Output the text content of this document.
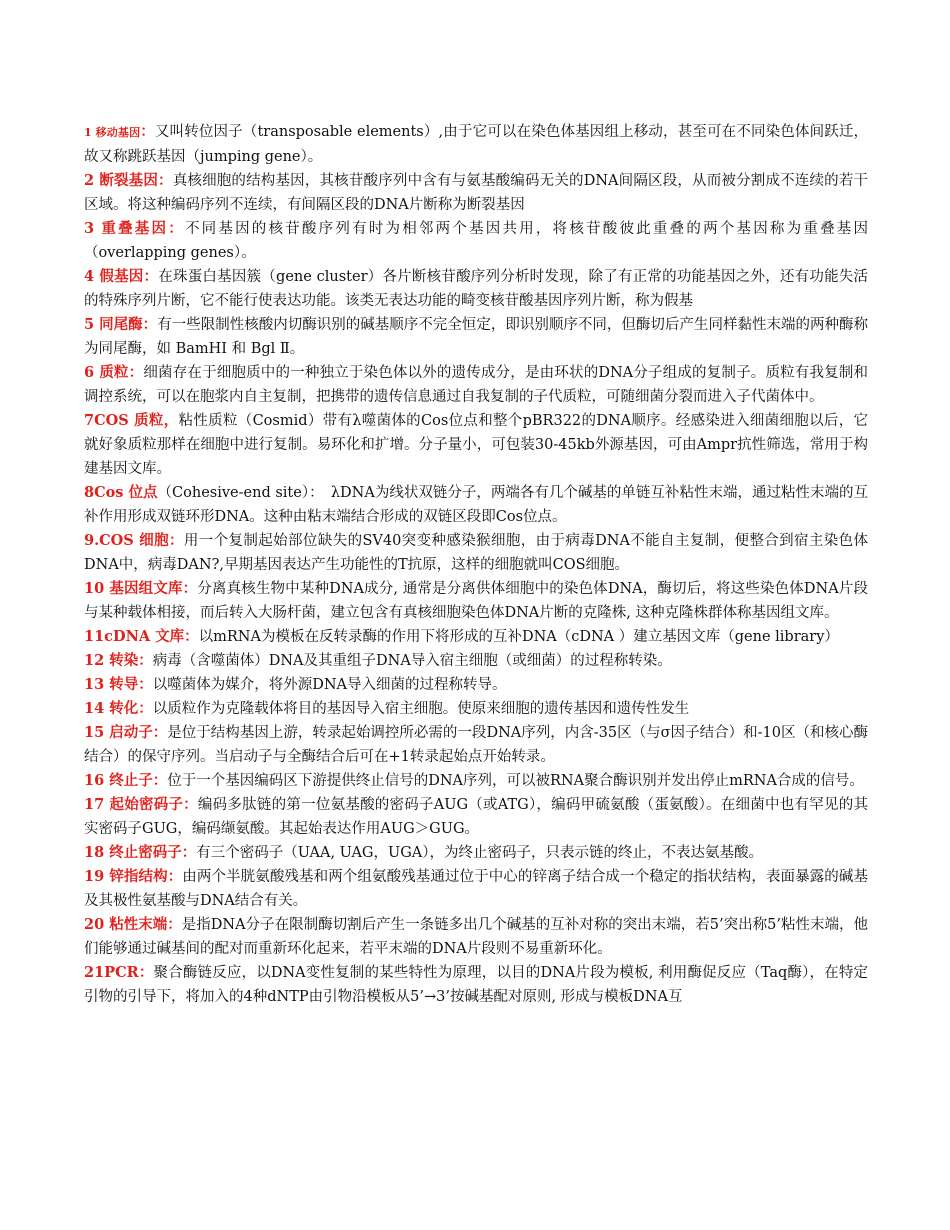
1 移动基因：又叫转位因子（transposable elements）,由于它可以在染色体基因组上移动，甚至可在不同染色体间跃迁，故又称跳跃基因（jumping gene）。

2 断裂基因：真核细胞的结构基因，其核苷酸序列中含有与氨基酸编码无关的DNA间隔区段，从而被分割成不连续的若干区域。将这种编码序列不连续，有间隔区段的DNA片断称为断裂基因

3 重叠基因：不同基因的核苷酸序列有时为相邻两个基因共用，将核苷酸彼此重叠的两个基因称为重叠基因（overlapping genes）。

4 假基因：在珠蛋白基因簇（gene cluster）各片断核苷酸序列分析时发现，除了有正常的功能基因之外，还有功能失活的特殊序列片断，它不能行使表达功能。该类无表达功能的畸变核苷酸基因序列片断，称为假基

5 同尾酶：有一些限制性核酸内切酶识别的碱基顺序不完全恒定，即识别顺序不同，但酶切后产生同样黏性末端的两种酶称为同尾酶，如 BamHI 和 Bgl Ⅱ。

6 质粒：细菌存在于细胞质中的一种独立于染色体以外的遗传成分，是由环状的DNA分子组成的复制子。质粒有我复制和调控系统，可以在胞浆内自主复制，把携带的遗传信息通过自我复制的子代质粒，可随细菌分裂而进入子代菌体中。

7COS 质粒，粘性质粒（Cosmid）带有λ噬菌体的Cos位点和整个pBR322的DNA顺序。经感染进入细菌细胞以后，它就好象质粒那样在细胞中进行复制。易环化和扩增。分子量小，可包装30-45kb外源基因，可由Ampr抗性筛选，常用于构建基因文库。

8Cos 位点（Cohesive-end site）：　λDNA为线状双链分子，两端各有几个碱基的单链互补粘性末端，通过粘性末端的互补作用形成双链环形DNA。这种由粘末端结合形成的双链区段即Cos位点。

9.COS 细胞：用一个复制起始部位缺失的SV40突变种感染猴细胞，由于病毒DNA不能自主复制，便整合到宿主染色体DNA中，病毒DAN?,早期基因表达产生功能性的T抗原，这样的细胞就叫COS细胞。

10 基因组文库：分离真核生物中某种DNA成分, 通常是分离供体细胞中的染色体DNA，酶切后，将这些染色体DNA片段与某种载体相接，而后转入大肠杆菌，建立包含有真核细胞染色体DNA片断的克隆株, 这种克隆株群体称基因组文库。

11cDNA 文库：以mRNA为模板在反转录酶的作用下将形成的互补DNA（cDNA ）建立基因文库（gene library）

12 转染：病毒（含噬菌体）DNA及其重组子DNA导入宿主细胞（或细菌）的过程称转染。

13 转导：以噬菌体为媒介，将外源DNA导入细菌的过程称转导。

14 转化：以质粒作为克隆载体将目的基因导入宿主细胞。使原来细胞的遗传基因和遗传性发生

15 启动子：是位于结构基因上游，转录起始调控所必需的一段DNA序列，内含-35区（与σ因子结合）和-10区（和核心酶结合）的保守序列。当启动子与全酶结合后可在+1转录起始点开始转录。

16 终止子：位于一个基因编码区下游提供终止信号的DNA序列，可以被RNA聚合酶识别并发出停止mRNA合成的信号。

17 起始密码子：编码多肽链的第一位氨基酸的密码子AUG（或ATG），编码甲硫氨酸（蛋氨酸）。在细菌中也有罕见的其实密码子GUG，编码缬氨酸。其起始表达作用AUG＞GUG。

18 终止密码子：有三个密码子（UAA, UAG，UGA），为终止密码子，只表示链的终止，不表达氨基酸。

19 锌指结构：由两个半胱氨酸残基和两个组氨酸残基通过位于中心的锌离子结合成一个稳定的指状结构，表面暴露的碱基及其极性氨基酸与DNA结合有关。

20 粘性末端：是指DNA分子在限制酶切割后产生一条链多出几个碱基的互补对称的突出末端，若5’突出称5’粘性末端，他们能够通过碱基间的配对而重新环化起来，若平末端的DNA片段则不易重新环化。

21PCR：聚合酶链反应，以DNA变性复制的某些特性为原理，以目的DNA片段为模板, 利用酶促反应（Taq酶），在特定引物的引导下，将加入的4种dNTP由引物沿模板从5’→3’按碱基配对原则, 形成与模板DNA互
